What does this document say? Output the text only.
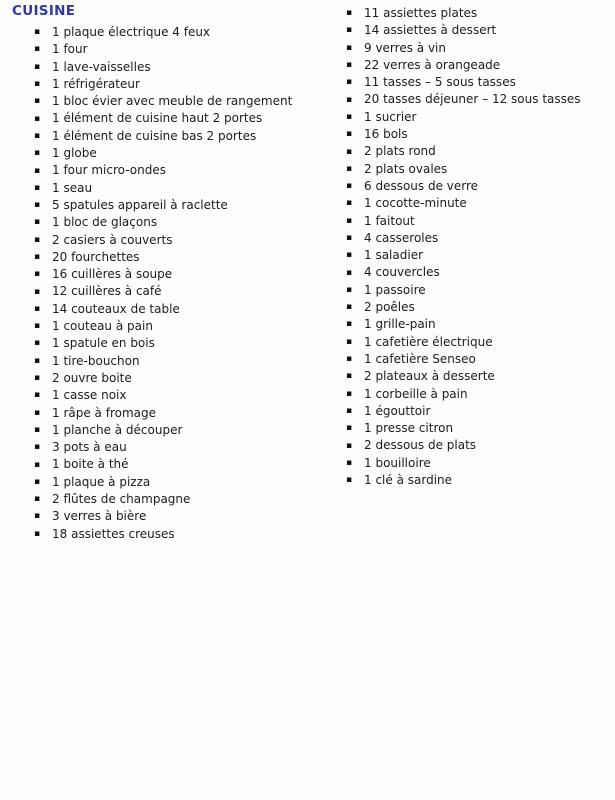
CUISINE
▪ 1 plaque électrique 4 feux
▪ 1 four
▪ 1 lave-vaisselles
▪ 1 réfrigérateur
▪ 1 bloc évier avec meuble de rangement
▪ 1 élément de cuisine haut 2 portes
▪ 1 élément de cuisine bas 2 portes
▪ 1 globe
▪ 1 four micro-ondes
▪ 1 seau
▪ 5 spatules appareil à raclette
▪ 1 bloc de glaçons
▪ 2 casiers à couverts
▪ 20 fourchettes
▪ 16 cuillères à soupe
▪ 12 cuillères à café
▪ 14 couteaux de table
▪ 1 couteau à pain
▪ 1 spatule en bois
▪ 1 tire-bouchon
▪ 2 ouvre boite
▪ 1 casse noix
▪ 1 râpe à fromage
▪ 1 planche à découper
▪ 3 pots à eau
▪ 1 boite à thé
▪ 1 plaque à pizza
▪ 2 flûtes de champagne
▪ 3 verres à bière
▪ 18 assiettes creuses
▪ 11 assiettes plates
▪ 14 assiettes à dessert
▪ 9 verres à vin
▪ 22 verres à orangeade
▪ 11 tasses – 5 sous tasses
▪ 20 tasses déjeuner – 12 sous tasses
▪ 1 sucrier
▪ 16 bols
▪ 2 plats rond
▪ 2 plats ovales
▪ 6 dessous de verre
▪ 1 cocotte-minute
▪ 1 faitout
▪ 4 casseroles
▪ 1 saladier
▪ 4 couvercles
▪ 1 passoire
▪ 2 poêles
▪ 1 grille-pain
▪ 1 cafetière électrique
▪ 1 cafetière Senseo
▪ 2 plateaux à desserte
▪ 1 corbeille à pain
▪ 1 égouttoir
▪ 1 presse citron
▪ 2 dessous de plats
▪ 1 bouilloire
▪ 1 clé à sardine
